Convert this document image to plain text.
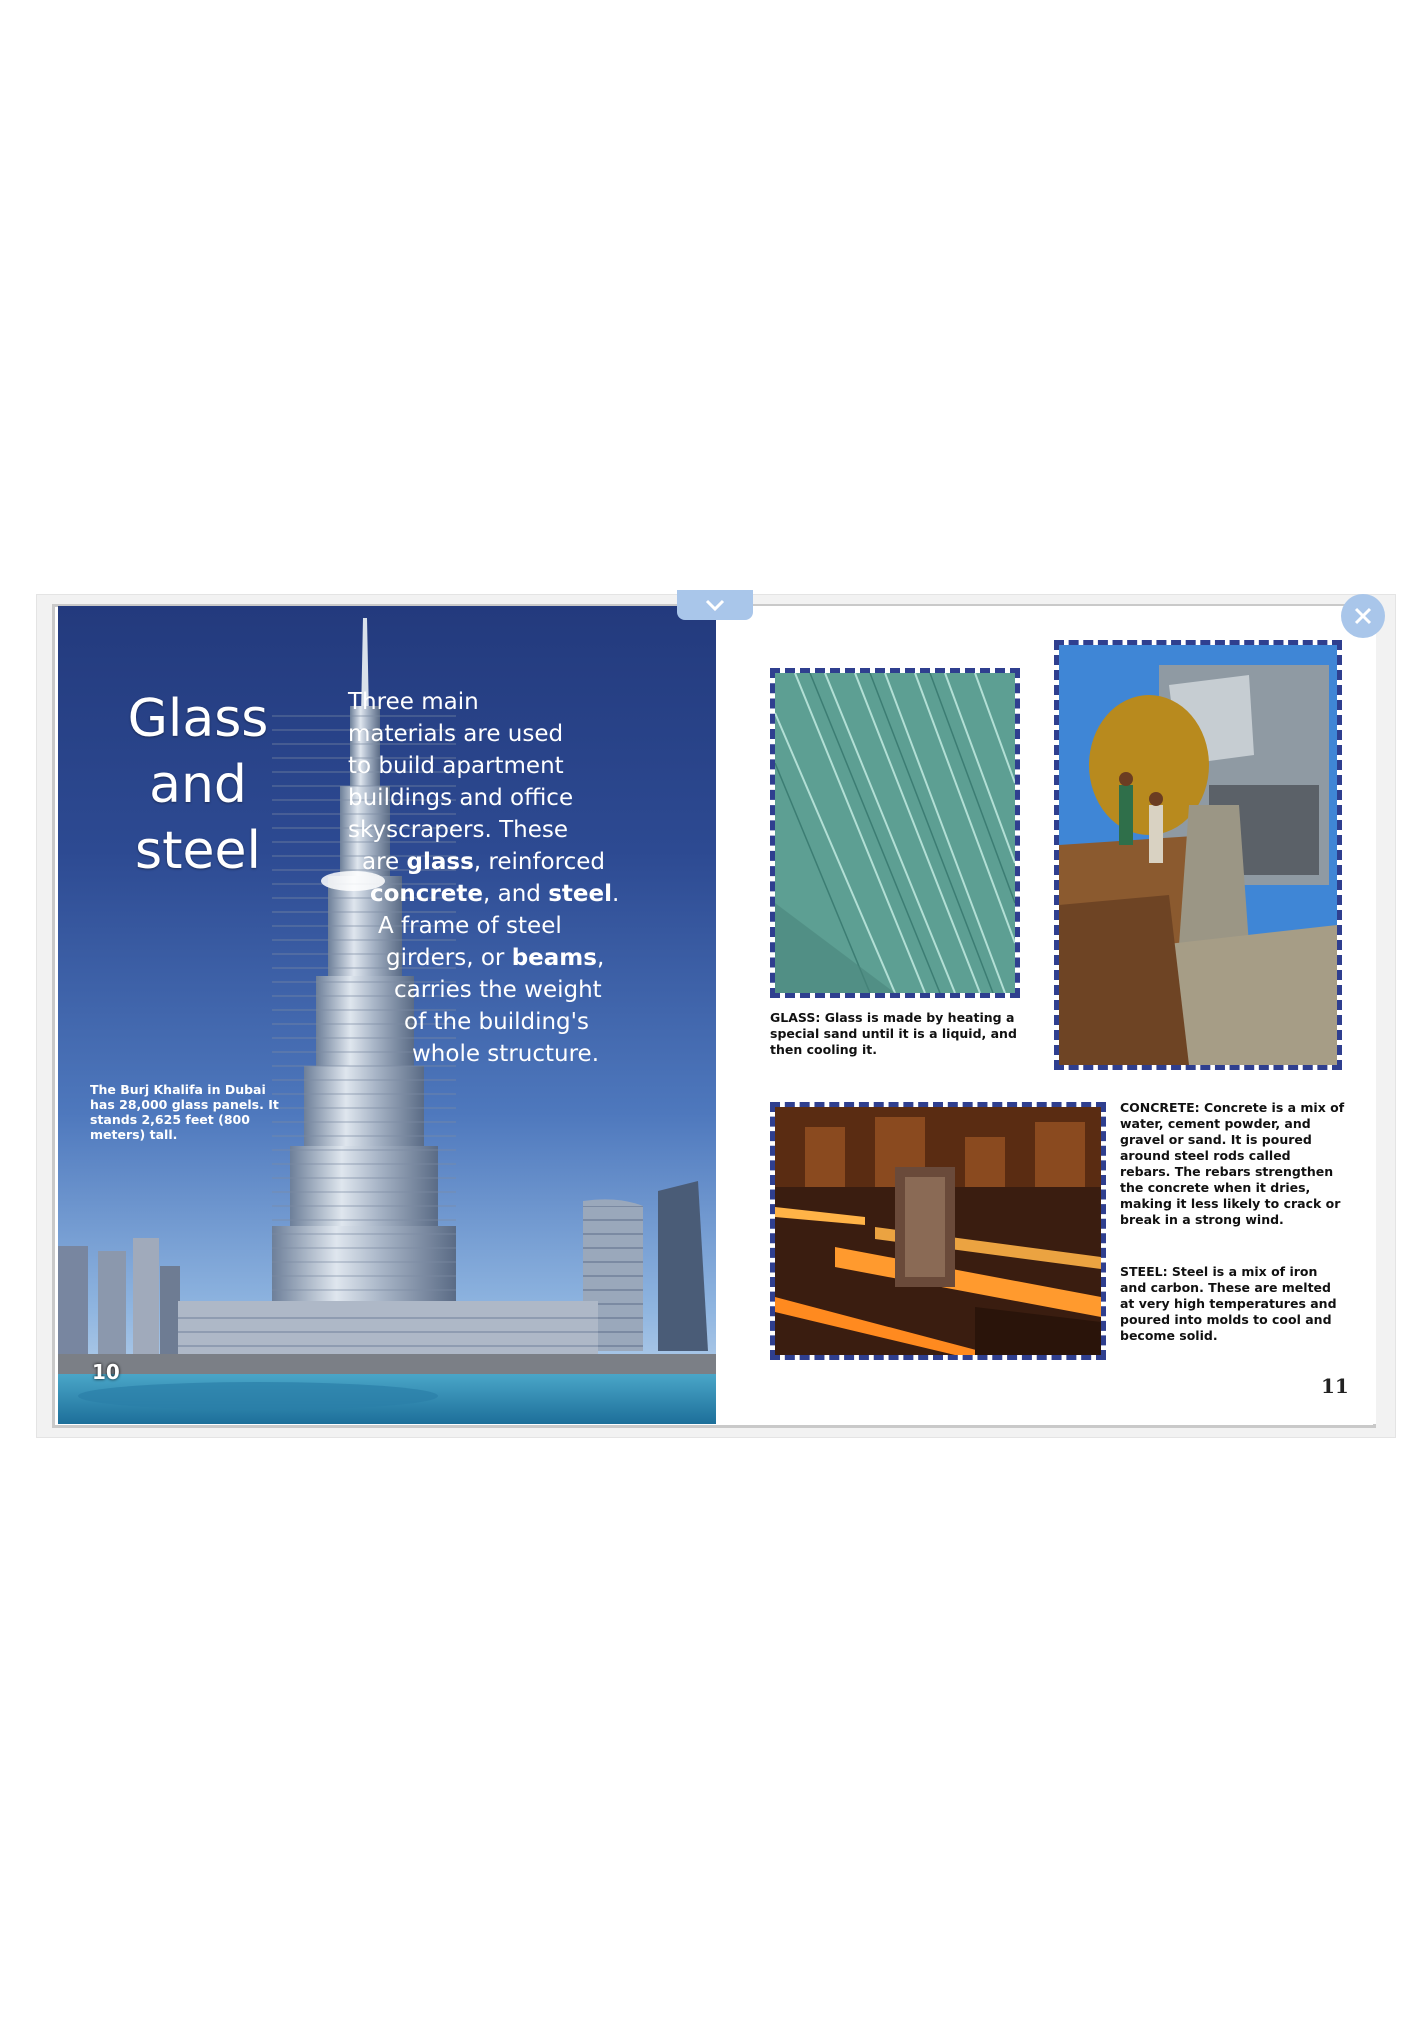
Glass and
steel
Three main
materials are used
to build apartment
buildings and office
skyscrapers. These
are glass, reinforced
concrete, and steel.
A frame of steel
girders, or beams,
carries the weight
of the building's
whole structure.
The Burj Khalifa in Dubai has 28,000 glass panels. It stands 2,625 feet (800 meters) tall.
10
GLASS: Glass is made by heating a special sand until it is a liquid, and then cooling it.
CONCRETE: Concrete is a mix of water, cement powder, and gravel or sand. It is poured around steel rods called rebars. The rebars strengthen the concrete when it dries, making it less likely to crack or break in a strong wind.
STEEL: Steel is a mix of iron and carbon. These are melted at very high temperatures and poured into molds to cool and become solid.
11
